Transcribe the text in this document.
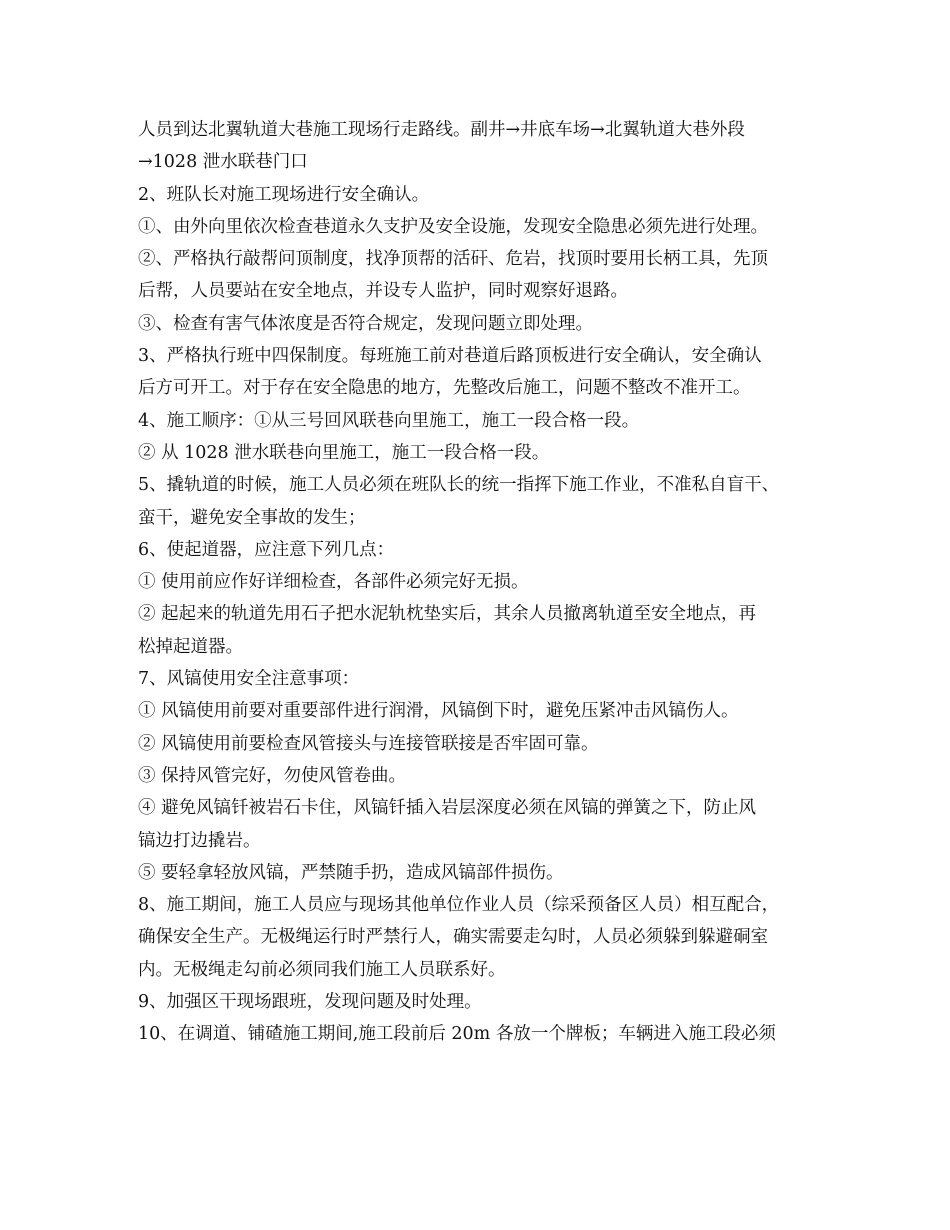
人员到达北翼轨道大巷施工现场行走路线。副井→井底车场→北翼轨道大巷外段
→1028 泄水联巷门口
2、班队长对施工现场进行安全确认。
①、由外向里依次检查巷道永久支护及安全设施，发现安全隐患必须先进行处理。
②、严格执行敲帮问顶制度，找净顶帮的活矸、危岩，找顶时要用长柄工具，先顶
后帮，人员要站在安全地点，并设专人监护，同时观察好退路。
③、检查有害气体浓度是否符合规定，发现问题立即处理。
3、严格执行班中四保制度。每班施工前对巷道后路顶板进行安全确认，安全确认
后方可开工。对于存在安全隐患的地方，先整改后施工，问题不整改不准开工。
4、施工顺序：①从三号回风联巷向里施工，施工一段合格一段。
② 从 1028 泄水联巷向里施工，施工一段合格一段。
5、撬轨道的时候，施工人员必须在班队长的统一指挥下施工作业，不准私自盲干、
蛮干，避免安全事故的发生；
6、使起道器，应注意下列几点：
① 使用前应作好详细检查，各部件必须完好无损。
② 起起来的轨道先用石子把水泥轨枕垫实后，其余人员撤离轨道至安全地点，再
松掉起道器。
7、风镐使用安全注意事项：
① 风镐使用前要对重要部件进行润滑，风镐倒下时，避免压紧冲击风镐伤人。
② 风镐使用前要检查风管接头与连接管联接是否牢固可靠。
③ 保持风管完好，勿使风管卷曲。
④ 避免风镐钎被岩石卡住，风镐钎插入岩层深度必须在风镐的弹簧之下，防止风
镐边打边撬岩。
⑤ 要轻拿轻放风镐，严禁随手扔，造成风镐部件损伤。
8、施工期间，施工人员应与现场其他单位作业人员（综采预备区人员）相互配合，
确保安全生产。无极绳运行时严禁行人，确实需要走勾时，人员必须躲到躲避硐室
内。无极绳走勾前必须同我们施工人员联系好。
9、加强区干现场跟班，发现问题及时处理。
10、在调道、铺碴施工期间,施工段前后 20m 各放一个牌板；车辆进入施工段必须
